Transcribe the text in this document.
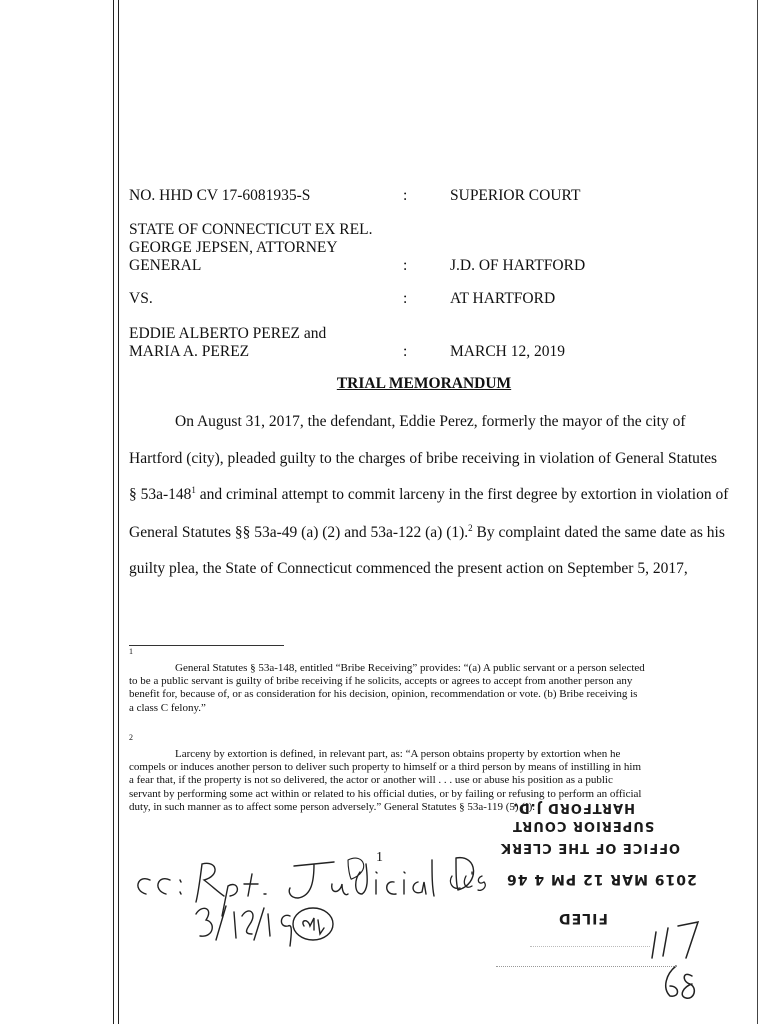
NO. HHD CV 17-6081935-S	:	SUPERIOR COURT
STATE OF CONNECTICUT EX REL.
GEORGE JEPSEN, ATTORNEY
GENERAL	:	J.D. OF HARTFORD
VS.	:	AT HARTFORD
EDDIE ALBERTO PEREZ and
MARIA A. PEREZ	:	MARCH 12, 2019
TRIAL MEMORANDUM
On August 31, 2017, the defendant, Eddie Perez, formerly the mayor of the city of
Hartford (city), pleaded guilty to the charges of bribe receiving in violation of General Statutes
§ $53a-148^1$ and criminal attempt to commit larceny in the first degree by extortion in violation of
General Statutes §§ 53a-49 (a) (2) and 53a-122 (a) (1).$^2$ By complaint dated the same date as his
guilty plea, the State of Connecticut commenced the present action on September 5, 2017,
1
General Statutes § 53a-148, entitled “Bribe Receiving” provides: “(a) A public servant or a person selected
to be a public servant is guilty of bribe receiving if he solicits, accepts or agrees to accept from another person any
benefit for, because of, or as consideration for his decision, opinion, recommendation or vote. (b) Bribe receiving is
a class C felony.”
2
Larceny by extortion is defined, in relevant part, as: “A person obtains property by extortion when he
compels or induces another person to deliver such property to himself or a third person by means of instilling in him
a fear that, if the property is not so delivered, the actor or another will . . . use or abuse his position as a public
servant by performing some act within or related to his official duties, or by failing or refusing to perform an official
duty, in such manner as to affect some person adversely.” General Statutes § 53a-119 (5) (I).
1
HARTFORD J.D.
SUPERIOR COURT
OFFICE OF THE CLERK
2019 MAR 12 PM 4 46
FILED
